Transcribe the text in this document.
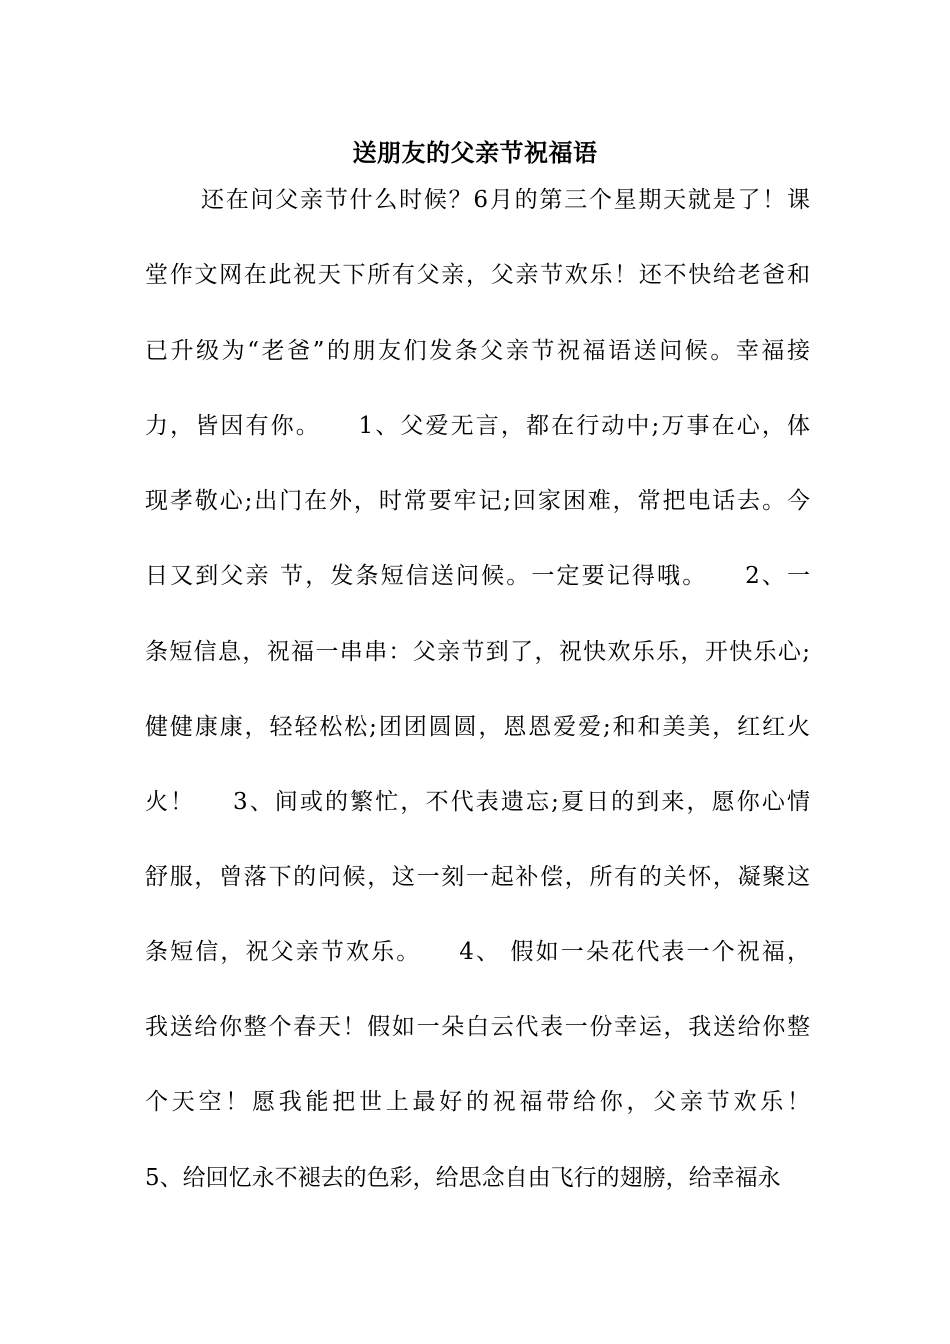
送朋友的父亲节祝福语

还在问父亲节什么时候？6月的第三个星期天就是了！课

堂作文网在此祝天下所有父亲，父亲节欢乐！还不快给老爸和

已升级为“老爸”的朋友们发条父亲节祝福语送问候。幸福接

力，皆因有你。    1、父爱无言，都在行动中;万事在心，体

现孝敬心;出门在外，时常要牢记;回家困难，常把电话去。今

日又到父亲 节，发条短信送问候。一定要记得哦。    2、一

条短信息，祝福一串串：父亲节到了，祝快欢乐乐，开快乐心;

健健康康，轻轻松松;团团圆圆，恩恩爱爱;和和美美，红红火

火！    3、间或的繁忙，不代表遗忘;夏日的到来，愿你心情

舒服，曾落下的问候，这一刻一起补偿，所有的关怀，凝聚这

条短信，祝父亲节欢乐。    4、 假如一朵花代表一个祝福，

我送给你整个春天！假如一朵白云代表一份幸运，我送给你整

个天空！愿我能把世上最好的祝福带给你，父亲节欢乐！

5、给回忆永不褪去的色彩，给思念自由飞行的翅膀，给幸福永
